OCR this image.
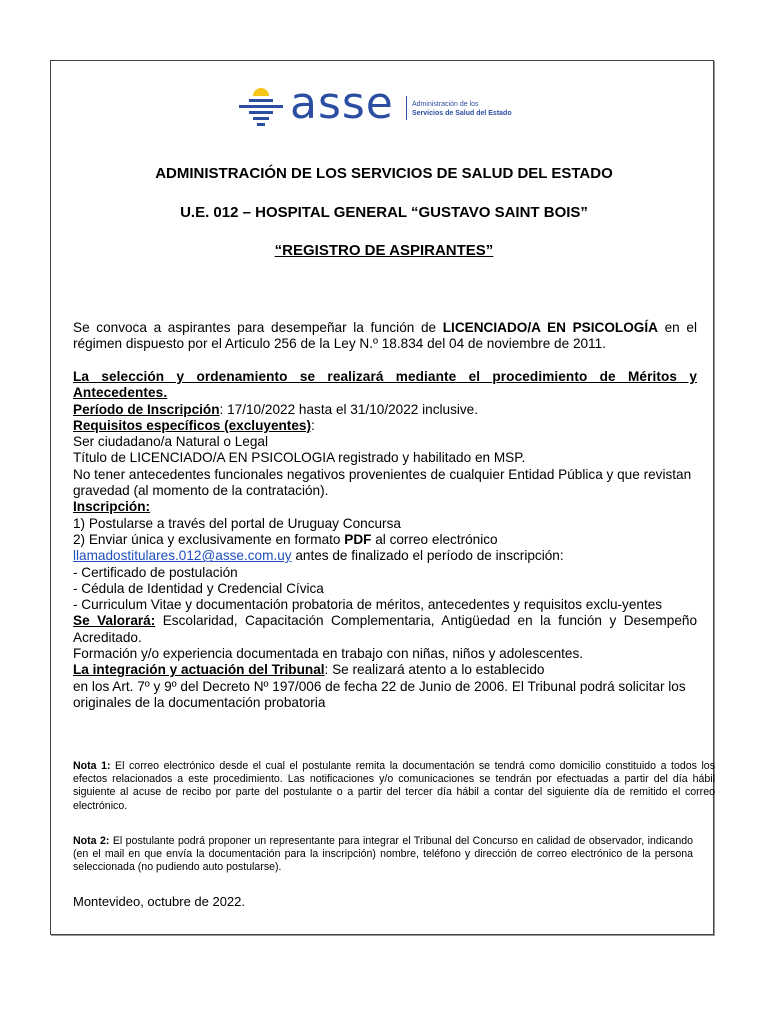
asse	Administración de los
Servicios de Salud del Estado
ADMINISTRACIÓN DE LOS SERVICIOS DE SALUD DEL ESTADO
U.E. 012 – HOSPITAL GENERAL “GUSTAVO SAINT BOIS”
“REGISTRO DE ASPIRANTES”
Se convoca a aspirantes para desempeñar la función de LICENCIADO/A EN PSICOLOGÍA en el régimen dispuesto por el Articulo 256 de la Ley N.º 18.834 del 04 de noviembre de 2011.
La selección y ordenamiento se realizará mediante el procedimiento de Méritos y Antecedentes.
Período de Inscripción: 17/10/2022 hasta el 31/10/2022 inclusive.
Requisitos específicos (excluyentes):
Ser ciudadano/a Natural o Legal
Título de LICENCIADO/A EN PSICOLOGIA registrado y habilitado en MSP.
No tener antecedentes funcionales negativos provenientes de cualquier Entidad Pública y que revistan gravedad (al momento de la contratación).
Inscripción:
1) Postularse a través del portal de Uruguay Concursa
2) Enviar única y exclusivamente en formato PDF al correo electrónico
llamadostitulares.012@asse.com.uy antes de finalizado el período de inscripción:
- Certificado de postulación
- Cédula de Identidad y Credencial Cívica
- Curriculum Vitae y documentación probatoria de méritos, antecedentes y requisitos exclu-yentes
Se Valorará: Escolaridad, Capacitación Complementaria, Antigüedad en la función y Desempeño Acreditado.
Formación y/o experiencia documentada en trabajo con niñas, niños y adolescentes.
La integración y actuación del Tribunal: Se realizará atento a lo establecido
en los Art. 7º y 9º del Decreto Nº 197/006 de fecha 22 de Junio de 2006. El Tribunal podrá solicitar los originales de la documentación probatoria
Nota 1: El correo electrónico desde el cual el postulante remita la documentación se tendrá como domicilio constituido a todos los efectos relacionados a este procedimiento. Las notificaciones y/o comunicaciones se tendrán por efectuadas a partir del día hábil siguiente al acuse de recibo por parte del postulante o a partir del tercer día hábil a contar del siguiente día de remitido el correo electrónico.
Nota 2: El postulante podrá proponer un representante para integrar el Tribunal del Concurso en calidad de observador, indicando (en el mail en que envía la documentación para la inscripción) nombre, teléfono y dirección de correo electrónico de la persona seleccionada (no pudiendo auto postularse).
Montevideo, octubre de 2022.
